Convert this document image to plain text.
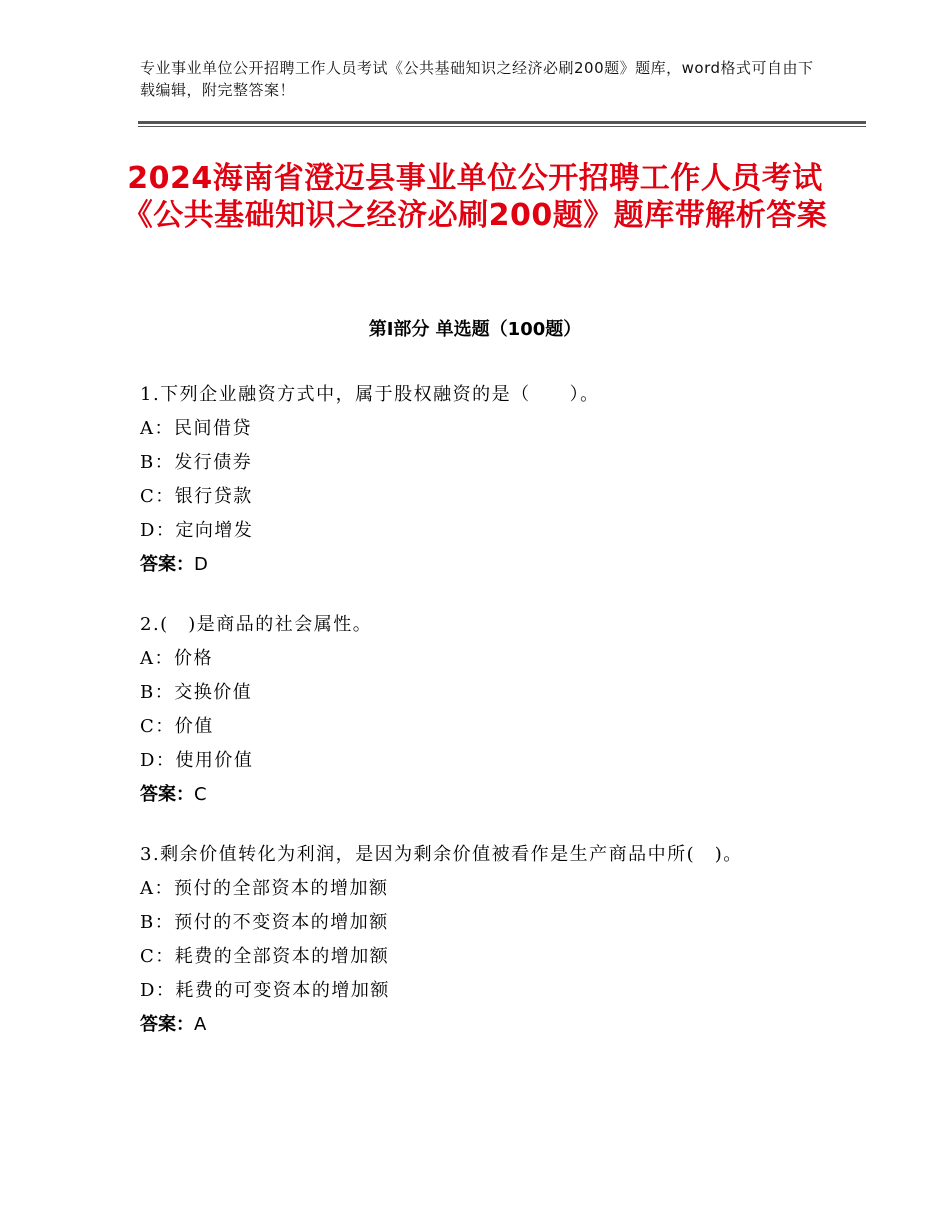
专业事业单位公开招聘工作人员考试《公共基础知识之经济必刷200题》题库，word格式可自由下载编辑，附完整答案！
2024海南省澄迈县事业单位公开招聘工作人员考试《公共基础知识之经济必刷200题》题库带解析答案
第Ⅰ部分 单选题（100题）
1.下列企业融资方式中，属于股权融资的是（　　）。
A：民间借贷
B：发行债券
C：银行贷款
D：定向增发
答案：D
2.(　)是商品的社会属性。
A：价格
B：交换价值
C：价值
D：使用价值
答案：C
3.剩余价值转化为利润，是因为剩余价值被看作是生产商品中所(　)。
A：预付的全部资本的增加额
B：预付的不变资本的增加额
C：耗费的全部资本的增加额
D：耗费的可变资本的增加额
答案：A
